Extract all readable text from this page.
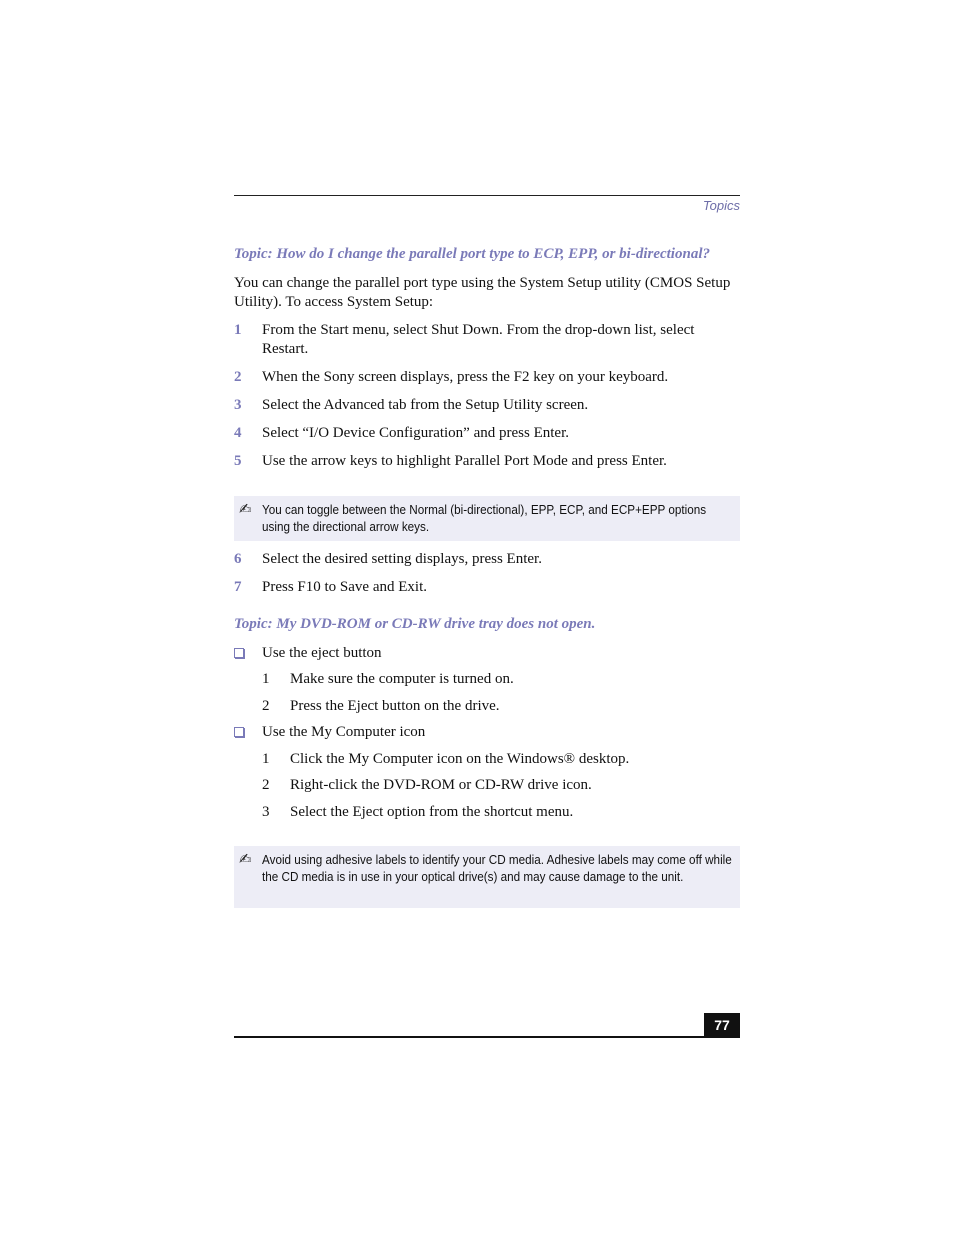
Topics
Topic: How do I change the parallel port type to ECP, EPP, or bi-directional?
You can change the parallel port type using the System Setup utility (CMOS Setup Utility). To access System Setup:
1 From the Start menu, select Shut Down. From the drop-down list, select Restart.
2 When the Sony screen displays, press the F2 key on your keyboard.
3 Select the Advanced tab from the Setup Utility screen.
4 Select “I/O Device Configuration” and press Enter.
5 Use the arrow keys to highlight Parallel Port Mode and press Enter.
✍ You can toggle between the Normal (bi-directional), EPP, ECP, and ECP+EPP options using the directional arrow keys.
6 Select the desired setting displays, press Enter.
7 Press F10 to Save and Exit.
Topic: My DVD-ROM or CD-RW drive tray does not open.
Use the eject button
1 Make sure the computer is turned on.
2 Press the Eject button on the drive.
Use the My Computer icon
1 Click the My Computer icon on the Windows® desktop.
2 Right-click the DVD-ROM or CD-RW drive icon.
3 Select the Eject option from the shortcut menu.
✍ Avoid using adhesive labels to identify your CD media. Adhesive labels may come off while the CD media is in use in your optical drive(s) and may cause damage to the unit.
77
